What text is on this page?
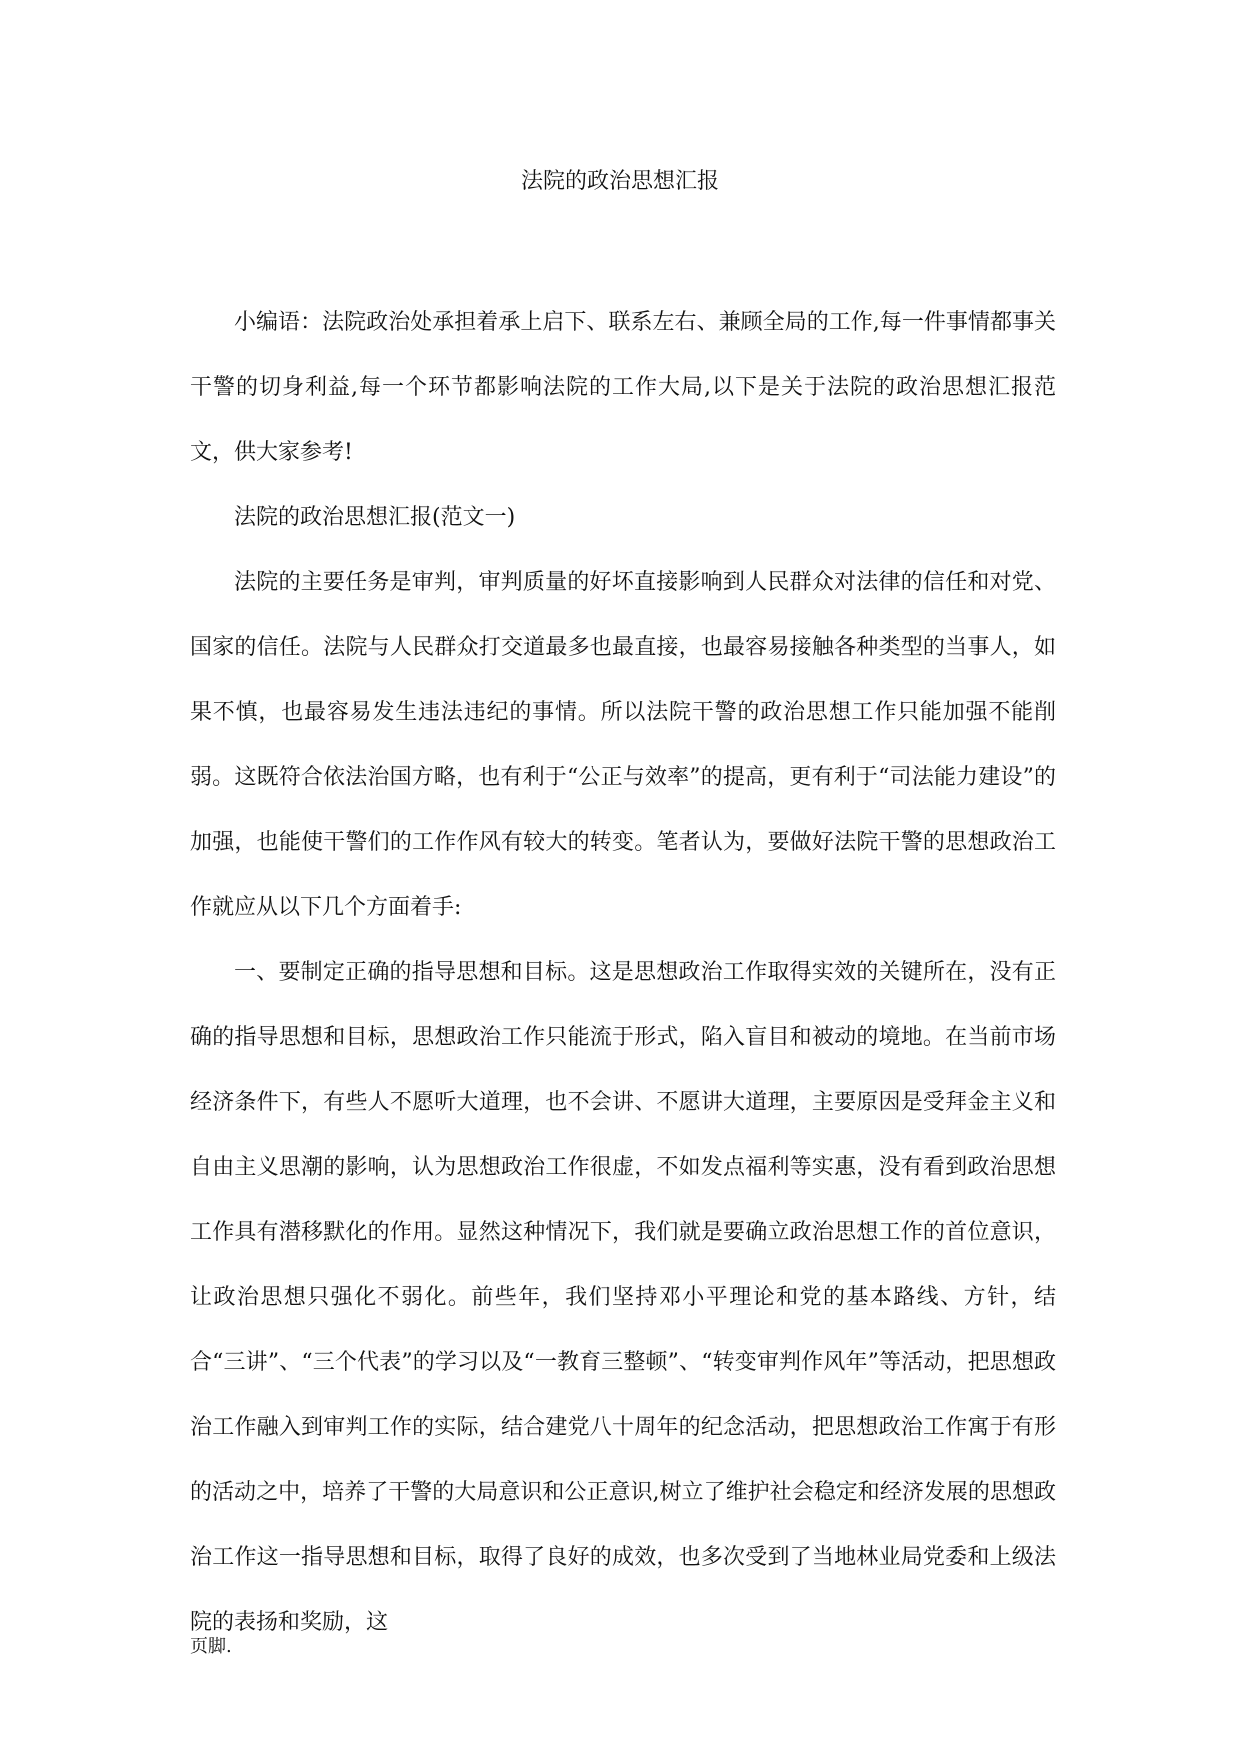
法院的政治思想汇报

小编语：法院政治处承担着承上启下、联系左右、兼顾全局的工作,每一件事情都事关干警的切身利益,每一个环节都影响法院的工作大局,以下是关于法院的政治思想汇报范文，供大家参考!

法院的政治思想汇报(范文一)

法院的主要任务是审判，审判质量的好坏直接影响到人民群众对法律的信任和对党、国家的信任。法院与人民群众打交道最多也最直接，也最容易接触各种类型的当事人，如果不慎，也最容易发生违法违纪的事情。所以法院干警的政治思想工作只能加强不能削弱。这既符合依法治国方略，也有利于“公正与效率”的提高，更有利于“司法能力建设”的加强，也能使干警们的工作作风有较大的转变。笔者认为，要做好法院干警的思想政治工作就应从以下几个方面着手:

一、要制定正确的指导思想和目标。这是思想政治工作取得实效的关键所在，没有正确的指导思想和目标，思想政治工作只能流于形式，陷入盲目和被动的境地。在当前市场经济条件下，有些人不愿听大道理，也不会讲、不愿讲大道理，主要原因是受拜金主义和自由主义思潮的影响，认为思想政治工作很虚，不如发点福利等实惠，没有看到政治思想工作具有潜移默化的作用。显然这种情况下，我们就是要确立政治思想工作的首位意识，让政治思想只强化不弱化。前些年，我们坚持邓小平理论和党的基本路线、方针，结合“三讲”、“三个代表”的学习以及“一教育三整顿”、“转变审判作风年”等活动，把思想政治工作融入到审判工作的实际，结合建党八十周年的纪念活动，把思想政治工作寓于有形的活动之中，培养了干警的大局意识和公正意识,树立了维护社会稳定和经济发展的思想政治工作这一指导思想和目标，取得了良好的成效，也多次受到了当地林业局党委和上级法院的表扬和奖励，这

页脚.
